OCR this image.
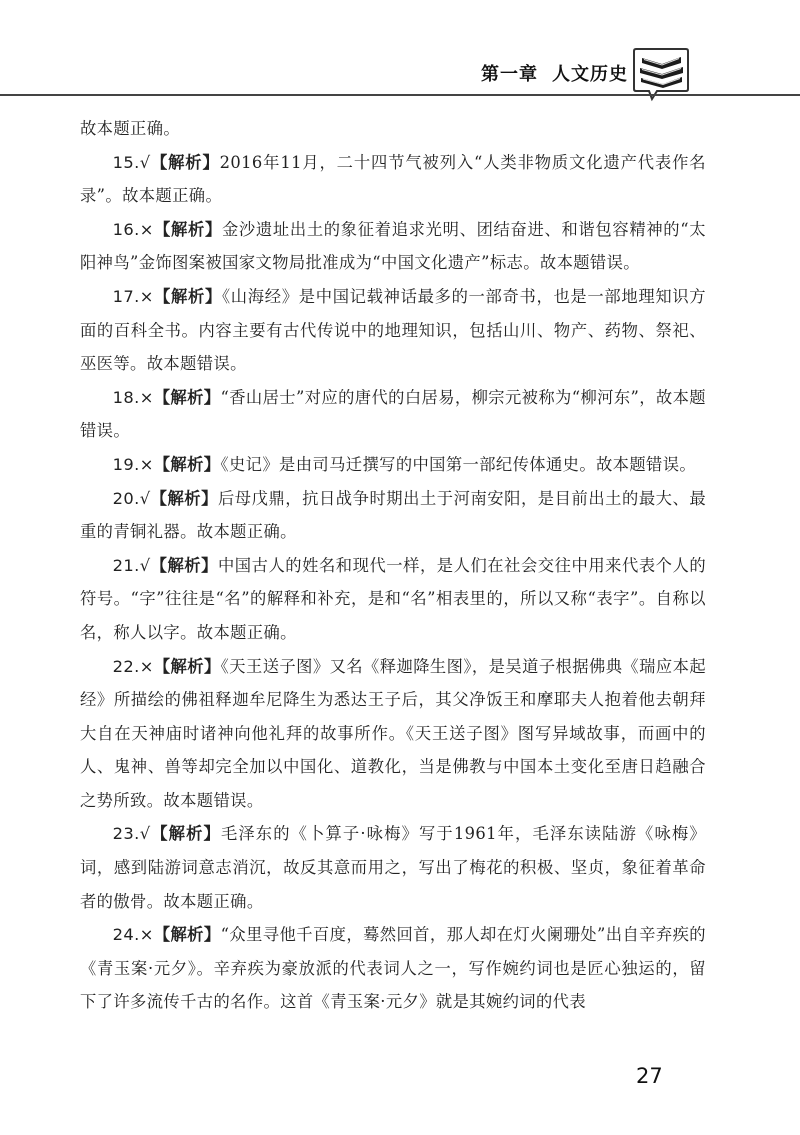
第一章 人文历史

故本题正确。

15.√【解析】2016年11月，二十四节气被列入“人类非物质文化遗产代表作名录”。故本题正确。

16.×【解析】金沙遗址出土的象征着追求光明、团结奋进、和谐包容精神的“太阳神鸟”金饰图案被国家文物局批准成为“中国文化遗产”标志。故本题错误。

17.×【解析】《山海经》是中国记载神话最多的一部奇书，也是一部地理知识方面的百科全书。内容主要有古代传说中的地理知识，包括山川、物产、药物、祭祀、巫医等。故本题错误。

18.×【解析】“香山居士”对应的唐代的白居易，柳宗元被称为“柳河东”，故本题错误。

19.×【解析】《史记》是由司马迁撰写的中国第一部纪传体通史。故本题错误。

20.√【解析】后母戊鼎，抗日战争时期出土于河南安阳，是目前出土的最大、最重的青铜礼器。故本题正确。

21.√【解析】中国古人的姓名和现代一样，是人们在社会交往中用来代表个人的符号。“字”往往是“名”的解释和补充，是和“名”相表里的，所以又称“表字”。自称以名，称人以字。故本题正确。

22.×【解析】《天王送子图》又名《释迦降生图》，是吴道子根据佛典《瑞应本起经》所描绘的佛祖释迦牟尼降生为悉达王子后，其父净饭王和摩耶夫人抱着他去朝拜大自在天神庙时诸神向他礼拜的故事所作。《天王送子图》图写异域故事，而画中的人、鬼神、兽等却完全加以中国化、道教化，当是佛教与中国本土变化至唐日趋融合之势所致。故本题错误。

23.√【解析】毛泽东的《卜算子·咏梅》写于1961年，毛泽东读陆游《咏梅》词，感到陆游词意志消沉，故反其意而用之，写出了梅花的积极、坚贞，象征着革命者的傲骨。故本题正确。

24.×【解析】“众里寻他千百度，蓦然回首，那人却在灯火阑珊处”出自辛弃疾的《青玉案·元夕》。辛弃疾为豪放派的代表词人之一，写作婉约词也是匠心独运的，留下了许多流传千古的名作。这首《青玉案·元夕》就是其婉约词的代表

27
